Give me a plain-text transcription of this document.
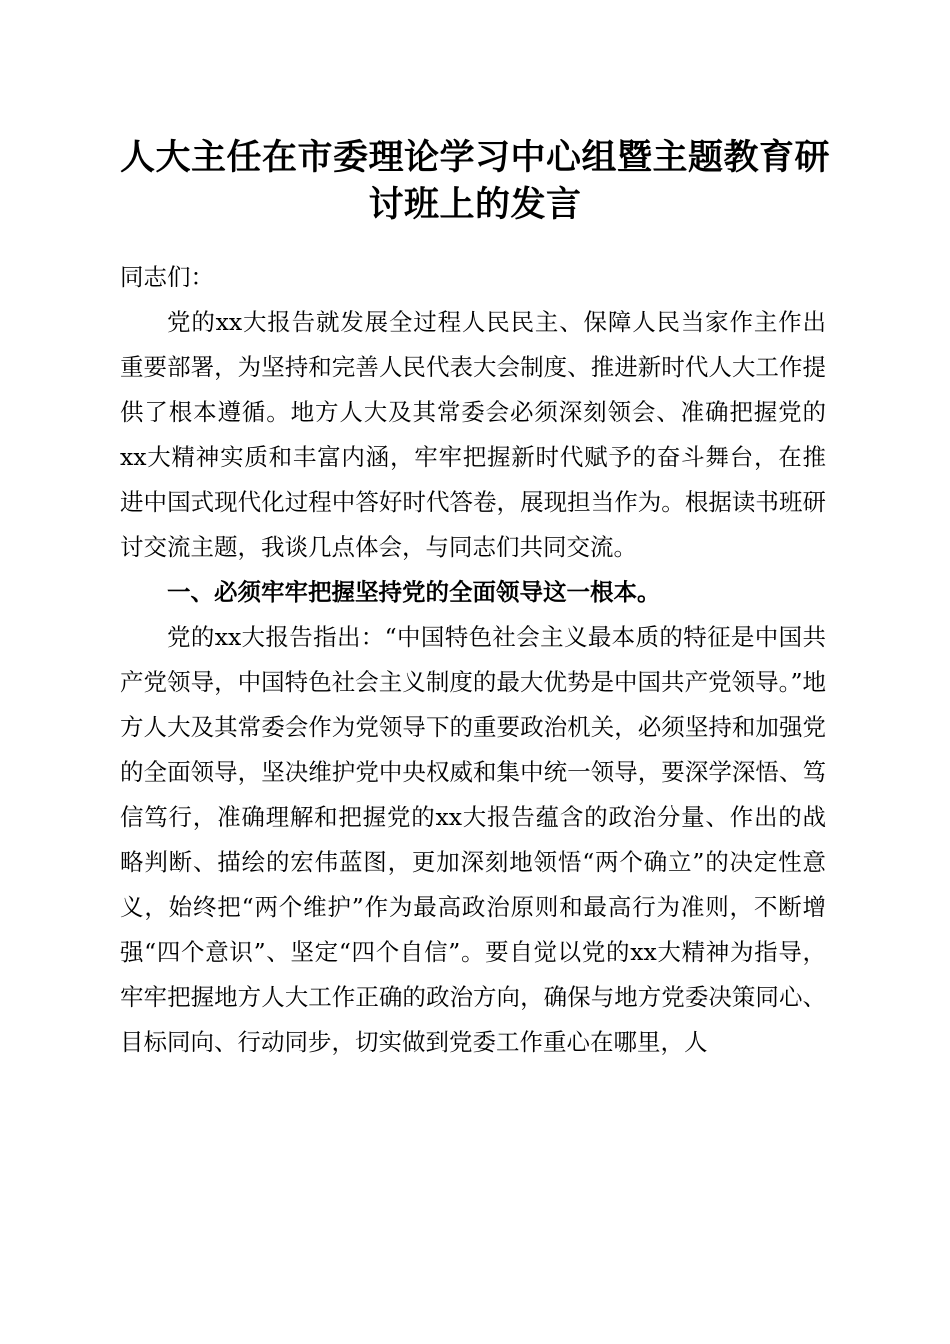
人大主任在市委理论学习中心组暨主题教育研
讨班上的发言

同志们：

党的xx大报告就发展全过程人民民主、保障人民当家作主作出重要部署，为坚持和完善人民代表大会制度、推进新时代人大工作提供了根本遵循。地方人大及其常委会必须深刻领会、准确把握党的xx大精神实质和丰富内涵，牢牢把握新时代赋予的奋斗舞台，在推进中国式现代化过程中答好时代答卷，展现担当作为。根据读书班研讨交流主题，我谈几点体会，与同志们共同交流。

一、必须牢牢把握坚持党的全面领导这一根本。

党的xx大报告指出：“中国特色社会主义最本质的特征是中国共产党领导，中国特色社会主义制度的最大优势是中国共产党领导。”地方人大及其常委会作为党领导下的重要政治机关，必须坚持和加强党的全面领导，坚决维护党中央权威和集中统一领导，要深学深悟、笃信笃行，准确理解和把握党的xx大报告蕴含的政治分量、作出的战略判断、描绘的宏伟蓝图，更加深刻地领悟“两个确立”的决定性意义，始终把“两个维护”作为最高政治原则和最高行为准则，不断增强“四个意识”、坚定“四个自信”。要自觉以党的xx大精神为指导，牢牢把握地方人大工作正确的政治方向，确保与地方党委决策同心、目标同向、行动同步，切实做到党委工作重心在哪里，人
